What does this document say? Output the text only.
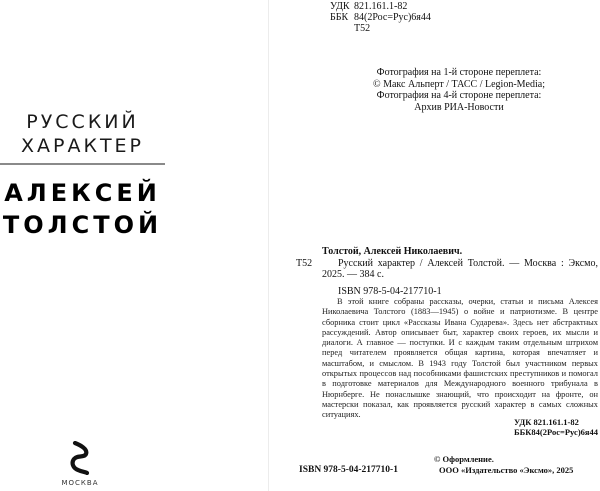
РУССКИЙ
ХАРАКТЕР
АЛЕКСЕЙ
ТОЛСТОЙ
МОСКВА
УДК 821.161.1-82
ББК 84(2Рос=Рус)6я44
Т52
Фотография на 1-й стороне переплета:
© Макс Альперт / ТАСС / Legion-Media;
Фотография на 4-й стороне переплета:
Архив РИА-Новости
Толстой, Алексей Николаевич.
Т52	Русский характер / Алексей Толстой. — Москва : Эксмо, 2025. — 384 с.
ISBN 978-5-04-217710-1
В этой книге собраны рассказы, очерки, статьи и письма Алексея Николаевича Толстого (1883—1945) о войне и патриотизме. В центре сборника стоит цикл «Рассказы Ивана Сударева». Здесь нет абстрактных рассуждений. Автор описывает быт, характер своих героев, их мысли и диалоги. А главное — поступки. И с каждым таким отдельным штрихом перед читателем проявляется общая картина, которая впечатляет и масштабом, и смыслом. В 1943 году Толстой был участником первых открытых процессов над пособниками фашистских преступников и помогал в подготовке материалов для Международного военного трибунала в Нюрнберге. Не понаслышке знающий, что происходит на фронте, он мастерски показал, как проявляется русский характер в самых сложных ситуациях.
УДК 821.161.1-82
ББК84(2Рос=Рус)6я44
ISBN 978-5-04-217710-1
© Оформление.
ООО «Издательство «Эксмо», 2025
